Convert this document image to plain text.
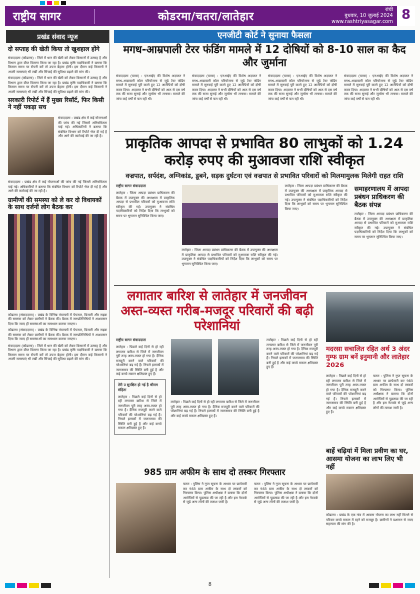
राष्ट्रीय सागर	कोडरमा/चतरा/लातेहार	रांची
बुधवार, 10 जुलाई 2024
www.rashtriyasagar.com 8
प्रखंड संवाद न्यूज
दो सप्ताह की खेती किया तो खुशहाल होंगे
संवाददाता (कोडरमा) : जिले में धान की खेती को लेकर किसानों में उत्साह है और विभाग द्वारा बीज वितरण किया जा रहा है। प्रखंड कृषि पदाधिकारी ने बताया कि किसान समय पर रोपनी करें तो उपज बेहतर होगी। इस दौरान कई किसानों ने अपनी समस्याएं भी रखीं और सिंचाई की सुविधा बढ़ाने की मांग की।
संवाददाता (कोडरमा) : जिले में धान की खेती को लेकर किसानों में उत्साह है और विभाग द्वारा बीज वितरण किया जा रहा है। प्रखंड कृषि पदाधिकारी ने बताया कि किसान समय पर रोपनी करें तो उपज बेहतर होगी। इस दौरान कई किसानों ने अपनी समस्याएं भी रखीं और सिंचाई की सुविधा बढ़ाने की मांग की।
सरकारी रिपोर्ट में हैं मुख्य रिसॉर्ट, फिर किसी ने नहीं पकड़ा सच
संवाददाता : प्रखंड क्षेत्र में कई योजनाओं की जांच की गई जिसमें अनियमितता पाई गई। अधिकारियों ने बताया कि संबंधित विभाग को रिपोर्ट भेज दी गई है और आगे की कार्रवाई की जा रही है।
संवाददाता : प्रखंड क्षेत्र में कई योजनाओं की जांच की गई जिसमें अनियमितता पाई गई। अधिकारियों ने बताया कि संबंधित विभाग को रिपोर्ट भेज दी गई है और आगे की कार्रवाई की जा रही है।
ग्रामीणों की समस्या को ले कर दो विधायकों के साथ दर्जनों लोग बैठक कर
कोडरमा (संवाददाता) : प्रखंड के विभिन्न पंचायतों में पेयजल, बिजली और सड़क की समस्या को लेकर ग्रामीणों ने बैठक की। बैठक में जनप्रतिनिधियों ने आश्वासन दिया कि जल्द ही समस्याओं का समाधान कराया जाएगा।
कोडरमा (संवाददाता) : प्रखंड के विभिन्न पंचायतों में पेयजल, बिजली और सड़क की समस्या को लेकर ग्रामीणों ने बैठक की। बैठक में जनप्रतिनिधियों ने आश्वासन दिया कि जल्द ही समस्याओं का समाधान कराया जाएगा।
संवाददाता (कोडरमा) : जिले में धान की खेती को लेकर किसानों में उत्साह है और विभाग द्वारा बीज वितरण किया जा रहा है। प्रखंड कृषि पदाधिकारी ने बताया कि किसान समय पर रोपनी करें तो उपज बेहतर होगी। इस दौरान कई किसानों ने अपनी समस्याएं भी रखीं और सिंचाई की सुविधा बढ़ाने की मांग की।
एनजीटी कोर्ट ने सुनाया फैसला
मगध-आम्रपाली टेरर फंडिंग मामले में 12 दोषियों को 8-10 साल का कैद और जुर्माना
संवाददाता (चतरा) : एनआईए की विशेष अदालत ने मगध-आम्रपाली कोल परियोजना से जुड़े टेरर फंडिंग मामले में सुनवाई पूरी करते हुए 12 आरोपियों को दोषी करार दिया। अदालत ने सभी दोषियों को आठ से दस वर्ष तक की सजा सुनाई और जुर्माना भी लगाया। मामले की जांच कई वर्षों से चल रही थी।
संवाददाता (चतरा) : एनआईए की विशेष अदालत ने मगध-आम्रपाली कोल परियोजना से जुड़े टेरर फंडिंग मामले में सुनवाई पूरी करते हुए 12 आरोपियों को दोषी करार दिया। अदालत ने सभी दोषियों को आठ से दस वर्ष तक की सजा सुनाई और जुर्माना भी लगाया। मामले की जांच कई वर्षों से चल रही थी।
संवाददाता (चतरा) : एनआईए की विशेष अदालत ने मगध-आम्रपाली कोल परियोजना से जुड़े टेरर फंडिंग मामले में सुनवाई पूरी करते हुए 12 आरोपियों को दोषी करार दिया। अदालत ने सभी दोषियों को आठ से दस वर्ष तक की सजा सुनाई और जुर्माना भी लगाया। मामले की जांच कई वर्षों से चल रही थी।
संवाददाता (चतरा) : एनआईए की विशेष अदालत ने मगध-आम्रपाली कोल परियोजना से जुड़े टेरर फंडिंग मामले में सुनवाई पूरी करते हुए 12 आरोपियों को दोषी करार दिया। अदालत ने सभी दोषियों को आठ से दस वर्ष तक की सजा सुनाई और जुर्माना भी लगाया। मामले की जांच कई वर्षों से चल रही थी।
प्राकृतिक आपदा से प्रभावित 80 लाभुकों को 1.24 करोड़ रुपए की मुआवजा राशि स्वीकृत
वज्रपात, सर्पदंश, अग्निकांड, डूबने, सड़क दुर्घटना एवं वज्रपात से प्रभावित परिवारों को मिलमामुलक मिलेगी राहत राशि
राष्ट्रीय सागर संवाददाता
लातेहार : जिला आपदा प्रबंधन प्राधिकरण की बैठक में उपायुक्त की अध्यक्षता में प्राकृतिक आपदा से प्रभावित परिवारों को मुआवजा राशि स्वीकृत की गई। उपायुक्त ने संबंधित पदाधिकारियों को निर्देश दिया कि लाभुकों को समय पर भुगतान सुनिश्चित किया जाए।
लातेहार : जिला आपदा प्रबंधन प्राधिकरण की बैठक में उपायुक्त की अध्यक्षता में प्राकृतिक आपदा से प्रभावित परिवारों को मुआवजा राशि स्वीकृत की गई। उपायुक्त ने संबंधित पदाधिकारियों को निर्देश दिया कि लाभुकों को समय पर भुगतान सुनिश्चित किया जाए।
लातेहार : जिला आपदा प्रबंधन प्राधिकरण की बैठक में उपायुक्त की अध्यक्षता में प्राकृतिक आपदा से प्रभावित परिवारों को मुआवजा राशि स्वीकृत की गई। उपायुक्त ने संबंधित पदाधिकारियों को निर्देश दिया कि लाभुकों को समय पर भुगतान सुनिश्चित किया जाए।
समाहरणालय में आपदा प्रबंधन प्राधिकरण की बैठक संपन्न
लातेहार : जिला आपदा प्रबंधन प्राधिकरण की बैठक में उपायुक्त की अध्यक्षता में प्राकृतिक आपदा से प्रभावित परिवारों को मुआवजा राशि स्वीकृत की गई। उपायुक्त ने संबंधित पदाधिकारियों को निर्देश दिया कि लाभुकों को समय पर भुगतान सुनिश्चित किया जाए।
लगातार बारिश से लातेहार में जनजीवन अस्त-व्यस्त गरीब-मजदूर परिवारों की बढ़ी परेशानियां
राष्ट्रीय सागर संवाददाता
लातेहार : पिछले कई दिनों से हो रही लगातार बारिश से जिले में जनजीवन पूरी तरह अस्त-व्यस्त हो गया है। दैनिक मजदूरी करने वाले परिवारों की परेशानियां बढ़ गई हैं। निचले इलाकों में जलजमाव की स्थिति बनी हुई है और कई कच्चे मकान क्षतिग्रस्त हुए हैं।
तेरी उ सुरक्षित हो गई है श्रीराम संहिता
लातेहार : पिछले कई दिनों से हो रही लगातार बारिश से जिले में जनजीवन पूरी तरह अस्त-व्यस्त हो गया है। दैनिक मजदूरी करने वाले परिवारों की परेशानियां बढ़ गई हैं। निचले इलाकों में जलजमाव की स्थिति बनी हुई है और कई कच्चे मकान क्षतिग्रस्त हुए हैं।
लातेहार : पिछले कई दिनों से हो रही लगातार बारिश से जिले में जनजीवन पूरी तरह अस्त-व्यस्त हो गया है। दैनिक मजदूरी करने वाले परिवारों की परेशानियां बढ़ गई हैं। निचले इलाकों में जलजमाव की स्थिति बनी हुई है और कई कच्चे मकान क्षतिग्रस्त हुए हैं।
लातेहार : पिछले कई दिनों से हो रही लगातार बारिश से जिले में जनजीवन पूरी तरह अस्त-व्यस्त हो गया है। दैनिक मजदूरी करने वाले परिवारों की परेशानियां बढ़ गई हैं। निचले इलाकों में जलजमाव की स्थिति बनी हुई है और कई कच्चे मकान क्षतिग्रस्त हुए हैं।
985 ग्राम अफीम के साथ दो तस्कर गिरफ्तार
चतरा : पुलिस ने गुप्त सूचना के आधार पर छापेमारी कर 985 ग्राम अफीम के साथ दो तस्करों को गिरफ्तार किया। पुलिस अधीक्षक ने बताया कि दोनों आरोपियों से पूछताछ की जा रही है और इस नेटवर्क से जुड़े अन्य लोगों की तलाश जारी है।
चतरा : पुलिस ने गुप्त सूचना के आधार पर छापेमारी कर 985 ग्राम अफीम के साथ दो तस्करों को गिरफ्तार किया। पुलिस अधीक्षक ने बताया कि दोनों आरोपियों से पूछताछ की जा रही है और इस नेटवर्क से जुड़े अन्य लोगों की तलाश जारी है।
मदरसा सचालित रहित अर्थ 3 अंदर गुम्फ ग्राम बनें इनुमानी और लातेहार 2026
लातेहार : पिछले कई दिनों से हो रही लगातार बारिश से जिले में जनजीवन पूरी तरह अस्त-व्यस्त हो गया है। दैनिक मजदूरी करने वाले परिवारों की परेशानियां बढ़ गई हैं। निचले इलाकों में जलजमाव की स्थिति बनी हुई है और कई कच्चे मकान क्षतिग्रस्त हुए हैं।
चतरा : पुलिस ने गुप्त सूचना के आधार पर छापेमारी कर 985 ग्राम अफीम के साथ दो तस्करों को गिरफ्तार किया। पुलिस अधीक्षक ने बताया कि दोनों आरोपियों से पूछताछ की जा रही है और इस नेटवर्क से जुड़े अन्य लोगों की तलाश जारी है।
बाहें चढ़ियां में मिला प्रवीण का घर, आसमा योजना का लाभ लिए भी नहीं
कोडरमा : प्रखंड के एक गांव में आवास योजना का लाभ नहीं मिलने से परिवार कच्चे मकान में रहने को मजबूर है। ग्रामीणों ने प्रशासन से जल्द सहायता की मांग की है।
8
